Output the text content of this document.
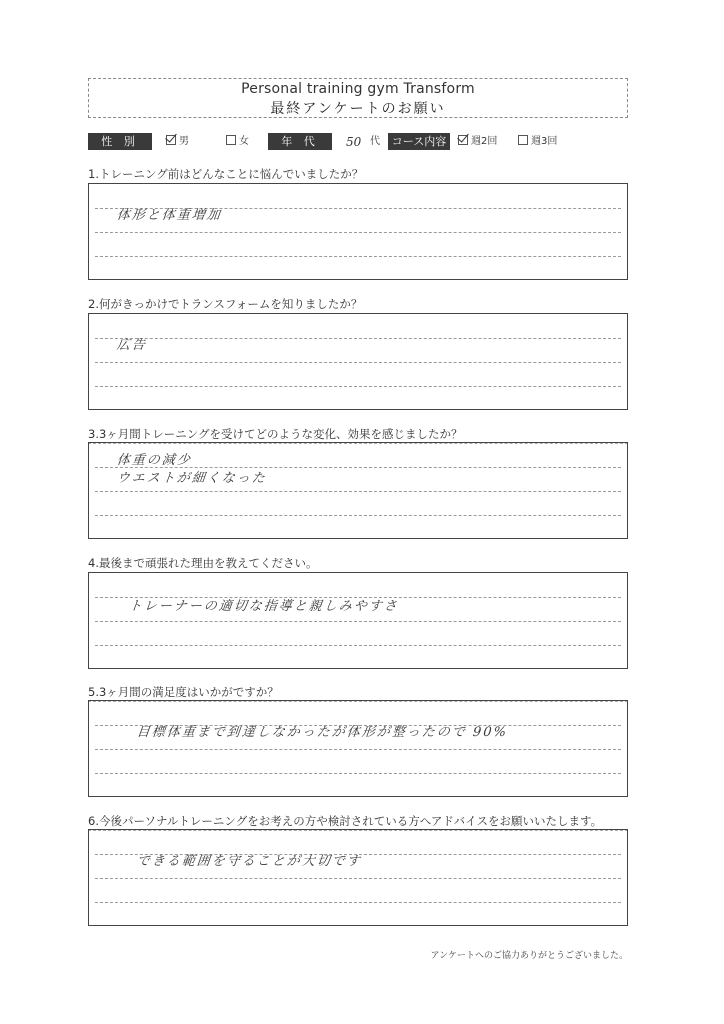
Personal training gym Transform
最終アンケートのお願い
性 別	男	女	年 代	50 代	コース内容	週2回	週3回
1.トレーニング前はどんなことに悩んでいましたか？
体形と体重増加
2.何がきっかけでトランスフォームを知りましたか？
広告
3.3ヶ月間トレーニングを受けてどのような変化、効果を感じましたか？
体重の減少
ウエストが細くなった
4.最後まで頑張れた理由を教えてください。
トレーナーの適切な指導と親しみやすさ
5.3ヶ月間の満足度はいかがですか？
目標体重まで到達しなかったが体形が整ったので 90%
6.今後パーソナルトレーニングをお考えの方や検討されている方へアドバイスをお願いいたします。
できる範囲を守ることが大切です
アンケートへのご協力ありがとうございました。
